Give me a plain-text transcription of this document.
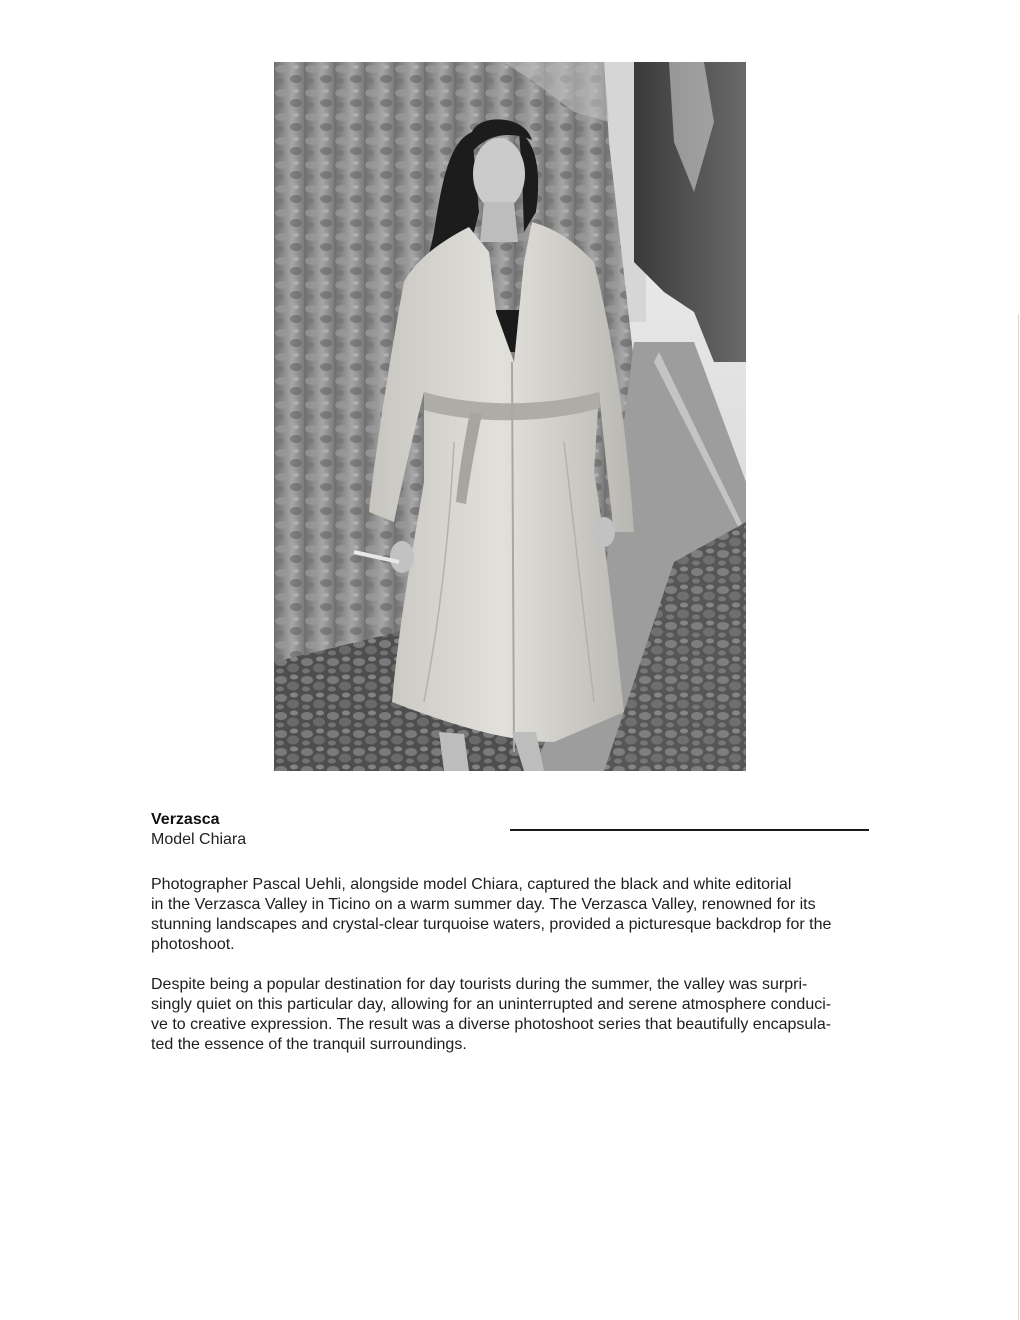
Verzasca
Model Chiara

Photographer Pascal Uehli, alongside model Chiara, captured the black and white editorial
in the Verzasca Valley in Ticino on a warm summer day. The Verzasca Valley, renowned for its
stunning landscapes and crystal-clear turquoise waters, provided a picturesque backdrop for the
photoshoot.

Despite being a popular destination for day tourists during the summer, the valley was surpri-
singly quiet on this particular day, allowing for an uninterrupted and serene atmosphere conduci-
ve to creative expression. The result was a diverse photoshoot series that beautifully encapsula-
ted the essence of the tranquil surroundings.
